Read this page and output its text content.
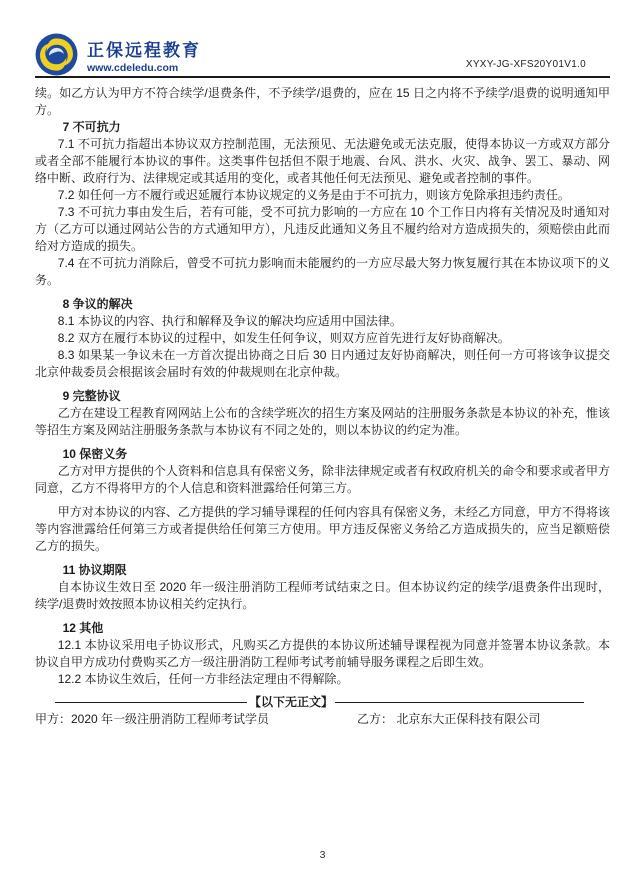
正保远程教育
www.cdeledu.com	XYXY-JG-XFS20Y01V1.0

续。如乙方认为甲方不符合续学/退费条件，不予续学/退费的，应在 15 日之内将不予续学/退费的说明通知甲方。

7 不可抗力

7.1 不可抗力指超出本协议双方控制范围，无法预见、无法避免或无法克服，使得本协议一方或双方部分或者全部不能履行本协议的事件。这类事件包括但不限于地震、台风、洪水、火灾、战争、罢工、暴动、网络中断、政府行为、法律规定或其适用的变化，或者其他任何无法预见、避免或者控制的事件。

7.2 如任何一方不履行或迟延履行本协议规定的义务是由于不可抗力，则该方免除承担违约责任。

7.3 不可抗力事由发生后，若有可能，受不可抗力影响的一方应在 10 个工作日内将有关情况及时通知对方（乙方可以通过网站公告的方式通知甲方），凡违反此通知义务且不履约给对方造成损失的，须赔偿由此而给对方造成的损失。

7.4 在不可抗力消除后，曾受不可抗力影响而未能履约的一方应尽最大努力恢复履行其在本协议项下的义务。

8 争议的解决

8.1 本协议的内容、执行和解释及争议的解决均应适用中国法律。

8.2 双方在履行本协议的过程中，如发生任何争议，则双方应首先进行友好协商解决。

8.3 如果某一争议未在一方首次提出协商之日后 30 日内通过友好协商解决，则任何一方可将该争议提交北京仲裁委员会根据该会届时有效的仲裁规则在北京仲裁。

9 完整协议

乙方在建设工程教育网网站上公布的含续学班次的招生方案及网站的注册服务条款是本协议的补充，惟该等招生方案及网站注册服务条款与本协议有不同之处的，则以本协议的约定为准。

10 保密义务

乙方对甲方提供的个人资料和信息具有保密义务，除非法律规定或者有权政府机关的命令和要求或者甲方同意，乙方不得将甲方的个人信息和资料泄露给任何第三方。

甲方对本协议的内容、乙方提供的学习辅导课程的任何内容具有保密义务，未经乙方同意，甲方不得将该等内容泄露给任何第三方或者提供给任何第三方使用。甲方违反保密义务给乙方造成损失的，应当足额赔偿乙方的损失。

11 协议期限

自本协议生效日至 2020 年一级注册消防工程师考试结束之日。但本协议约定的续学/退费条件出现时，续学/退费时效按照本协议相关约定执行。

12 其他

12.1 本协议采用电子协议形式，凡购买乙方提供的本协议所述辅导课程视为同意并签署本协议条款。本协议自甲方成功付费购买乙方一级注册消防工程师考试考前辅导服务课程之后即生效。

12.2 本协议生效后，任何一方非经法定理由不得解除。

【以下无正文】
甲方：2020 年一级注册消防工程师考试学员	乙方： 北京东大正保科技有限公司
3
